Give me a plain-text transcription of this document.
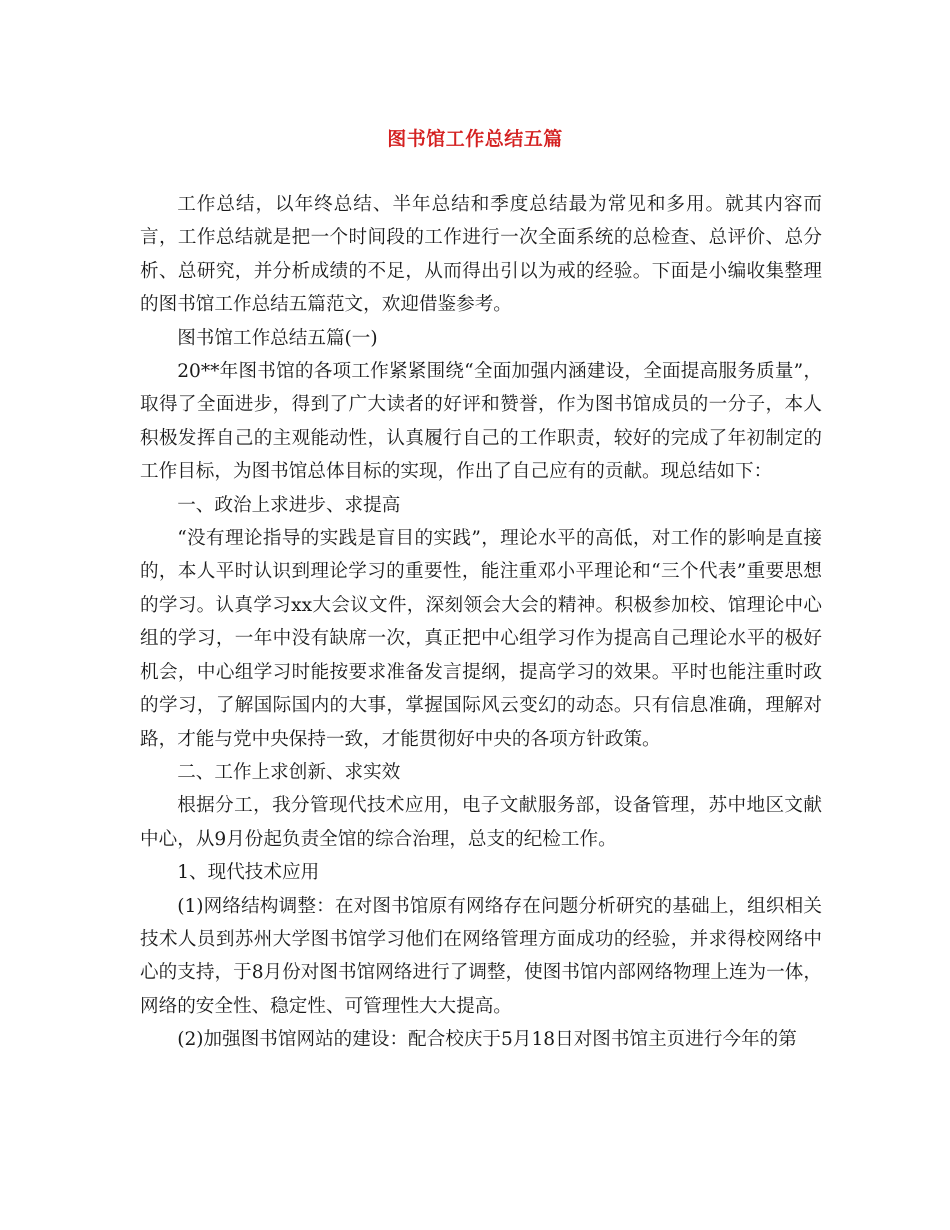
图书馆工作总结五篇

工作总结，以年终总结、半年总结和季度总结最为常见和多用。就其内容而言，工作总结就是把一个时间段的工作进行一次全面系统的总检查、总评价、总分析、总研究，并分析成绩的不足，从而得出引以为戒的经验。下面是小编收集整理的图书馆工作总结五篇范文，欢迎借鉴参考。

图书馆工作总结五篇(一)

20**年图书馆的各项工作紧紧围绕“全面加强内涵建设，全面提高服务质量”，取得了全面进步，得到了广大读者的好评和赞誉，作为图书馆成员的一分子，本人积极发挥自己的主观能动性，认真履行自己的工作职责，较好的完成了年初制定的工作目标，为图书馆总体目标的实现，作出了自己应有的贡献。现总结如下：

一、政治上求进步、求提高

“没有理论指导的实践是盲目的实践”，理论水平的高低，对工作的影响是直接的，本人平时认识到理论学习的重要性，能注重邓小平理论和“三个代表”重要思想的学习。认真学习xx大会议文件，深刻领会大会的精神。积极参加校、馆理论中心组的学习，一年中没有缺席一次，真正把中心组学习作为提高自己理论水平的极好机会，中心组学习时能按要求准备发言提纲，提高学习的效果。平时也能注重时政的学习，了解国际国内的大事，掌握国际风云变幻的动态。只有信息准确，理解对路，才能与党中央保持一致，才能贯彻好中央的各项方针政策。

二、工作上求创新、求实效

根据分工，我分管现代技术应用，电子文献服务部，设备管理，苏中地区文献中心，从9月份起负责全馆的综合治理，总支的纪检工作。

1、现代技术应用

(1)网络结构调整：在对图书馆原有网络存在问题分析研究的基础上，组织相关技术人员到苏州大学图书馆学习他们在网络管理方面成功的经验，并求得校网络中心的支持，于8月份对图书馆网络进行了调整，使图书馆内部网络物理上连为一体，网络的安全性、稳定性、可管理性大大提高。

(2)加强图书馆网站的建设：配合校庆于5月18日对图书馆主页进行今年的第
